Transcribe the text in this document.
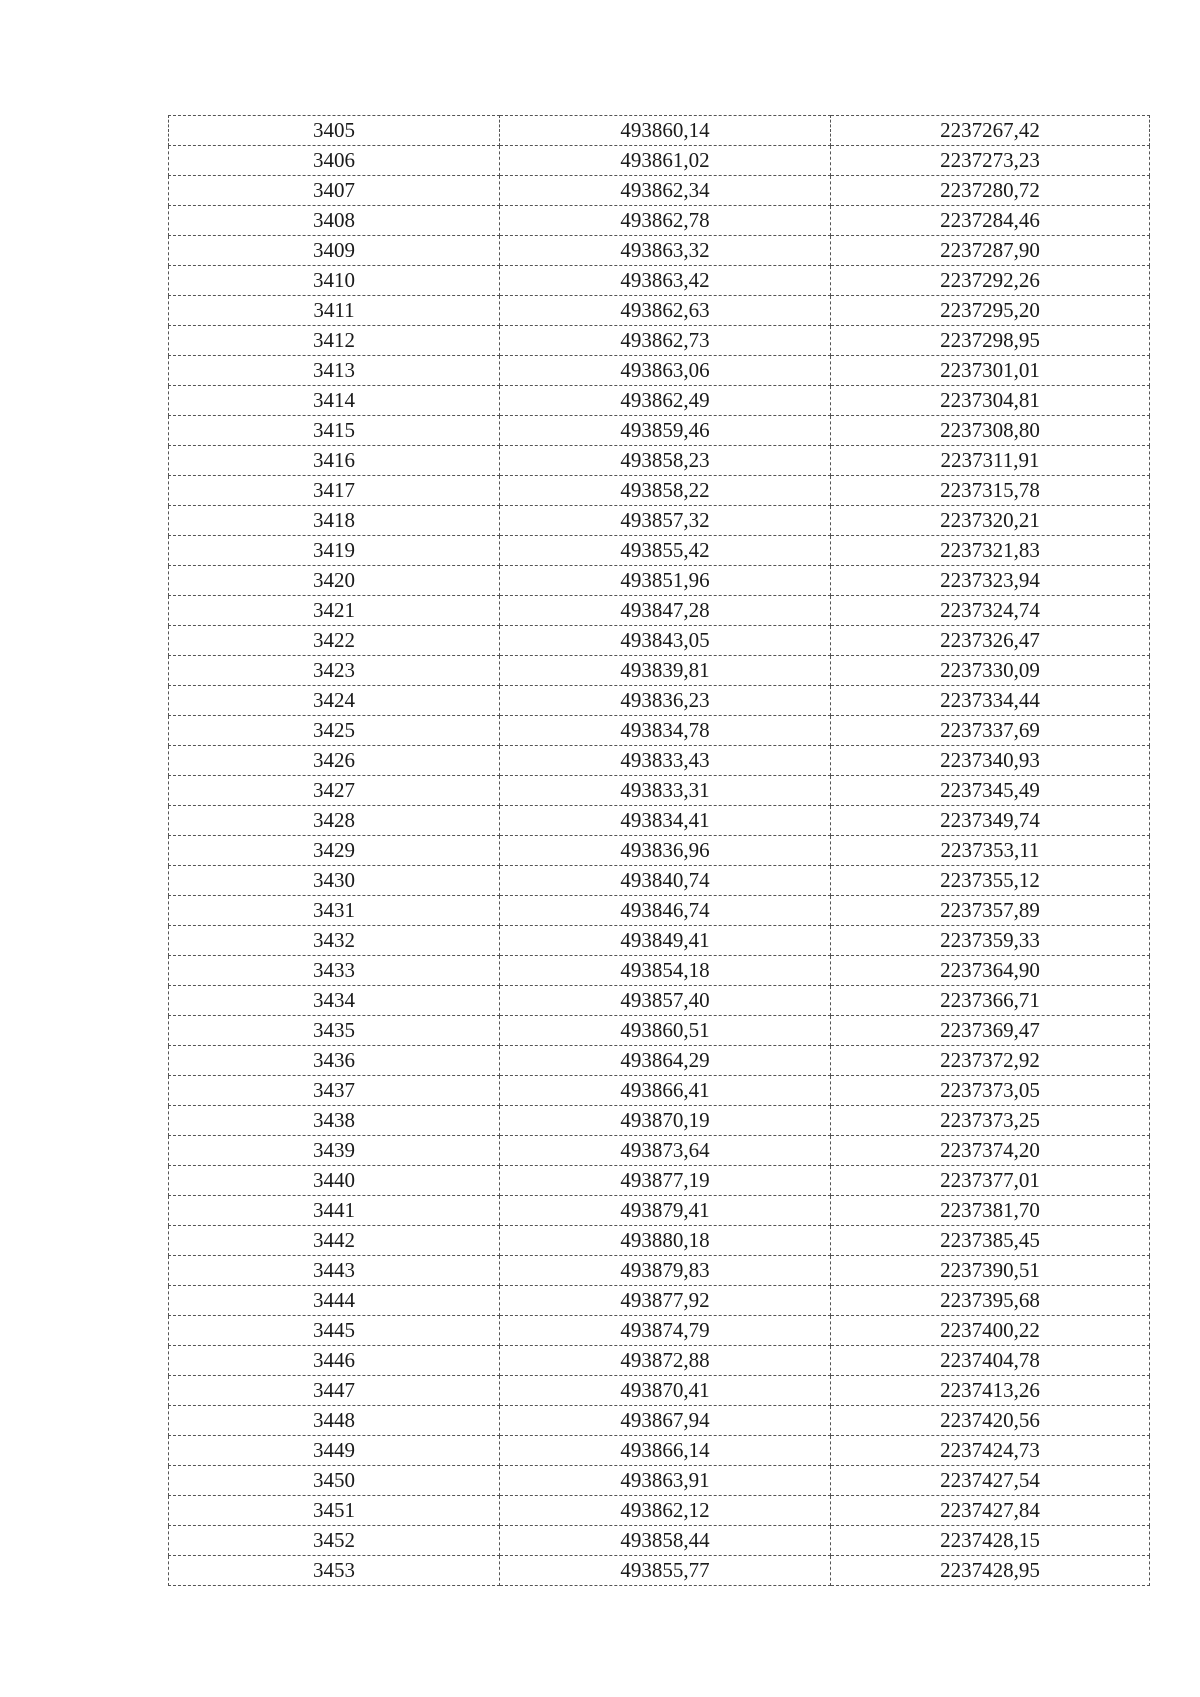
3405	493860,14	2237267,42
3406	493861,02	2237273,23
3407	493862,34	2237280,72
3408	493862,78	2237284,46
3409	493863,32	2237287,90
3410	493863,42	2237292,26
3411	493862,63	2237295,20
3412	493862,73	2237298,95
3413	493863,06	2237301,01
3414	493862,49	2237304,81
3415	493859,46	2237308,80
3416	493858,23	2237311,91
3417	493858,22	2237315,78
3418	493857,32	2237320,21
3419	493855,42	2237321,83
3420	493851,96	2237323,94
3421	493847,28	2237324,74
3422	493843,05	2237326,47
3423	493839,81	2237330,09
3424	493836,23	2237334,44
3425	493834,78	2237337,69
3426	493833,43	2237340,93
3427	493833,31	2237345,49
3428	493834,41	2237349,74
3429	493836,96	2237353,11
3430	493840,74	2237355,12
3431	493846,74	2237357,89
3432	493849,41	2237359,33
3433	493854,18	2237364,90
3434	493857,40	2237366,71
3435	493860,51	2237369,47
3436	493864,29	2237372,92
3437	493866,41	2237373,05
3438	493870,19	2237373,25
3439	493873,64	2237374,20
3440	493877,19	2237377,01
3441	493879,41	2237381,70
3442	493880,18	2237385,45
3443	493879,83	2237390,51
3444	493877,92	2237395,68
3445	493874,79	2237400,22
3446	493872,88	2237404,78
3447	493870,41	2237413,26
3448	493867,94	2237420,56
3449	493866,14	2237424,73
3450	493863,91	2237427,54
3451	493862,12	2237427,84
3452	493858,44	2237428,15
3453	493855,77	2237428,95
